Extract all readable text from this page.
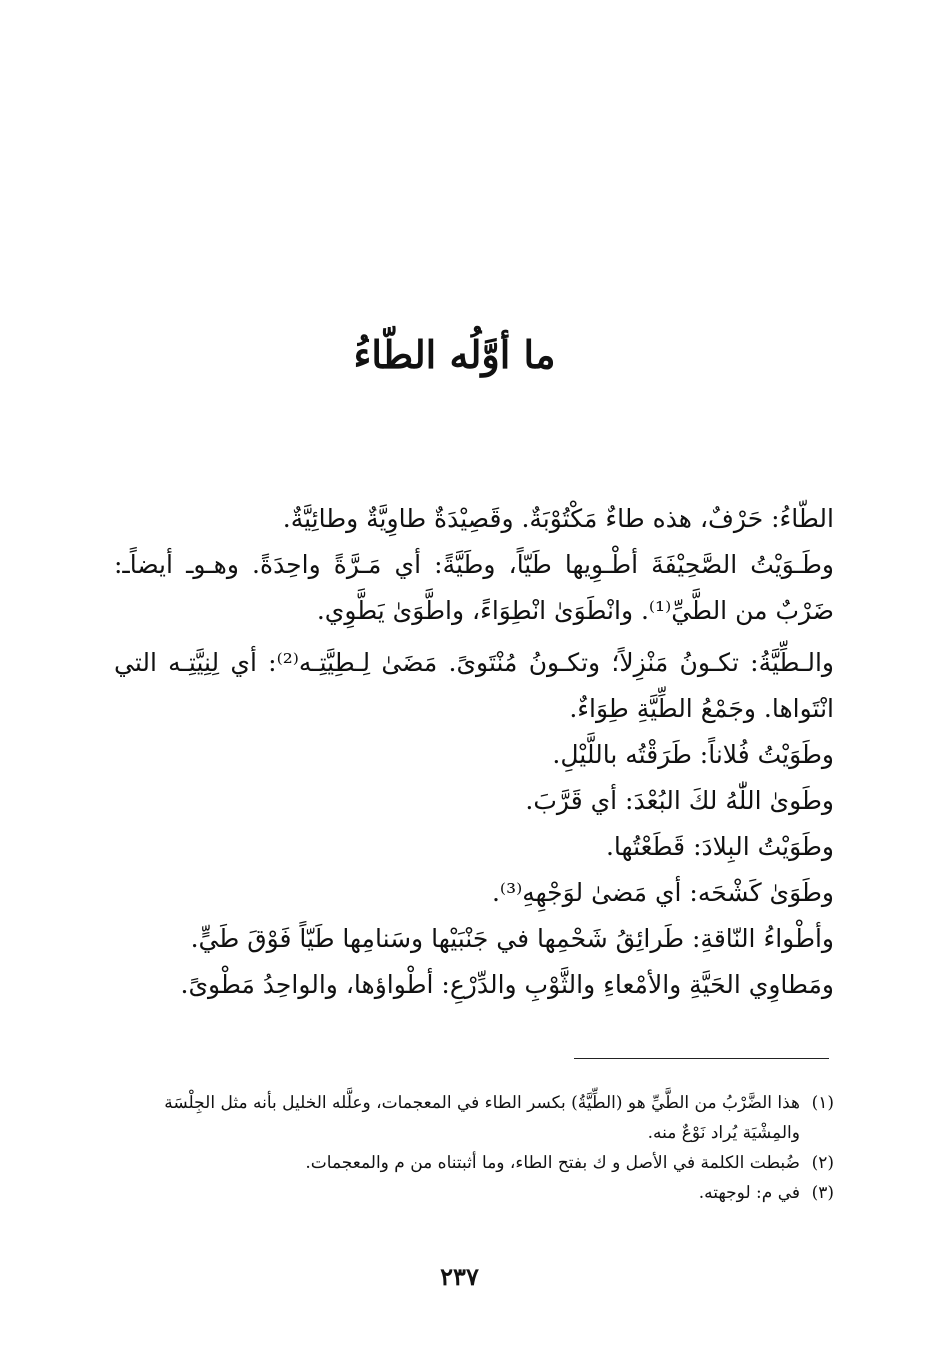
ما أوَّلُه الطّاءُ

الطّاءُ: حَرْفٌ، هذه طاءٌ مَكْتُوْبَةٌ. وقَصِيْدَةٌ طاوِيَّةٌ وطائِيَّةٌ.

وطَـوَيْتُ الصَّحِيْفَةَ أطْـوِيها طَيّاً، وطَيَّةً: أي مَـرَّةً واحِدَةً. وهـوـ أيضاًـ: ضَرْبٌ من الطَّيِّ⁽¹⁾. وانْطَوَىٰ انْطِوَاءً، واطَّوَىٰ يَطَّوِي.

والـطِّيَّةُ: تكـونُ مَنْزِلاً؛ وتكـونُ مُنْتَوىً. مَضَىٰ لِـطِيَّتِـه⁽²⁾: أي لِنِيَّتِـه التي انْتَواها. وجَمْعُ الطِّيَّةِ طِوَاءٌ.

وطَوَيْتُ فُلاناً: طَرَقْتُه باللَّيْلِ.

وطَوىٰ اللّٰهُ لكَ البُعْدَ: أي قَرَّبَ.

وطَوَيْتُ البِلادَ: قَطَعْتُها.

وطَوَىٰ كَشْحَه: أي مَضىٰ لوَجْهِهِ⁽³⁾.

وأطْواءُ النّاقةِ: طَرائِقُ شَحْمِها في جَنْبَيْها وسَنامِها طَيّاً فَوْقَ طَيٍّ.

ومَطاوِي الحَيَّةِ والأمْعاءِ والثَّوْبِ والدِّرْعِ: أطْواؤها، والواحِدُ مَطْوىً.

(١)هذا الضَّرْبُ من الطَّيِّ هو (الطِّيَّةُ) بكسر الطاء في المعجمات، وعلَّله الخليل بأنه مثل الجِلْسَة والمِشْيَة يُراد نَوْعٌ منه.

(٢)ضُبطت الكلمة في الأصل و ك بفتح الطاء، وما أثبتناه من م والمعجمات.

(٣)في م: لوجهته.

٢٣٧
